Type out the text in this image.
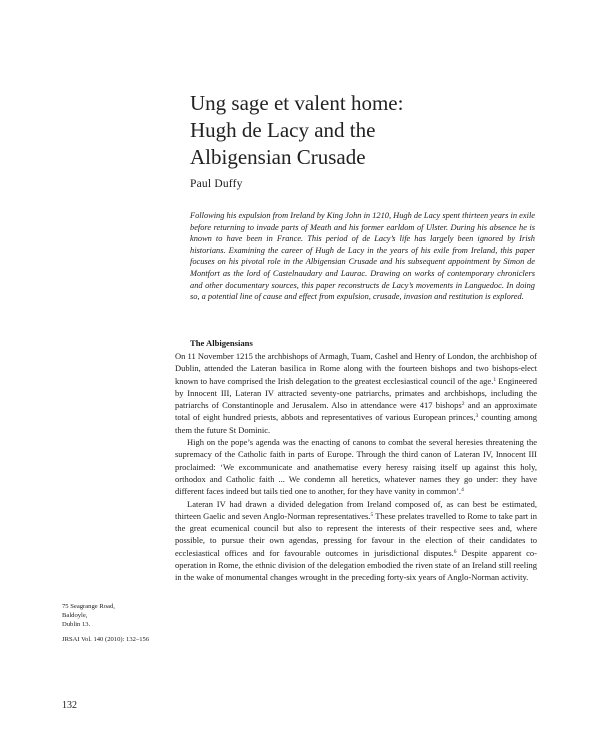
Ung sage et valent home:
Hugh de Lacy and the
Albigensian Crusade
Paul Duffy
Following his expulsion from Ireland by King John in 1210, Hugh de Lacy spent thirteen years in exile before returning to invade parts of Meath and his former earldom of Ulster. During his absence he is known to have been in France. This period of de Lacy’s life has largely been ignored by Irish historians. Examining the career of Hugh de Lacy in the years of his exile from Ireland, this paper focuses on his pivotal role in the Albigensian Crusade and his subsequent appointment by Simon de Montfort as the lord of Castelnaudary and Laurac. Drawing on works of contemporary chroniclers and other documentary sources, this paper reconstructs de Lacy’s movements in Languedoc. In doing so, a potential line of cause and effect from expulsion, crusade, invasion and restitution is explored.
The Albigensians

On 11 November 1215 the archbishops of Armagh, Tuam, Cashel and Henry of London, the archbishop of Dublin, attended the Lateran basilica in Rome along with the fourteen bishops and two bishops-elect known to have comprised the Irish delegation to the greatest ecclesiastical council of the age.$^1$ Engineered by Innocent III, Lateran IV attracted seventy-one patriarchs, primates and archbishops, including the patriarchs of Constantinople and Jerusalem. Also in attendance were 417 bishops$^2$ and an approximate total of eight hundred priests, abbots and representatives of various European princes,$^3$ counting among them the future St Dominic.

High on the pope’s agenda was the enacting of canons to combat the several heresies threatening the supremacy of the Catholic faith in parts of Europe. Through the third canon of Lateran IV, Innocent III proclaimed: ‘We excommunicate and anathematise every heresy raising itself up against this holy, orthodox and Catholic faith ... We condemn all heretics, whatever names they go under: they have different faces indeed but tails tied one to another, for they have vanity in common’.$^4$

Lateran IV had drawn a divided delegation from Ireland composed of, as can best be estimated, thirteen Gaelic and seven Anglo-Norman representatives.$^5$ These prelates travelled to Rome to take part in the great ecumenical council but also to represent the interests of their respective sees and, where possible, to pursue their own agendas, pressing for favour in the election of their candidates to ecclesiastical offices and for favourable outcomes in jurisdictional disputes.$^6$ Despite apparent co-operation in Rome, the ethnic division of the delegation embodied the riven state of an Ireland still reeling in the wake of monumental changes wrought in the preceding forty-six years of Anglo-Norman activity.

75 Seagrange Road,
Baldoyle,
Dublin 13.
JRSAI Vol. 140 (2010): 132–156
132
